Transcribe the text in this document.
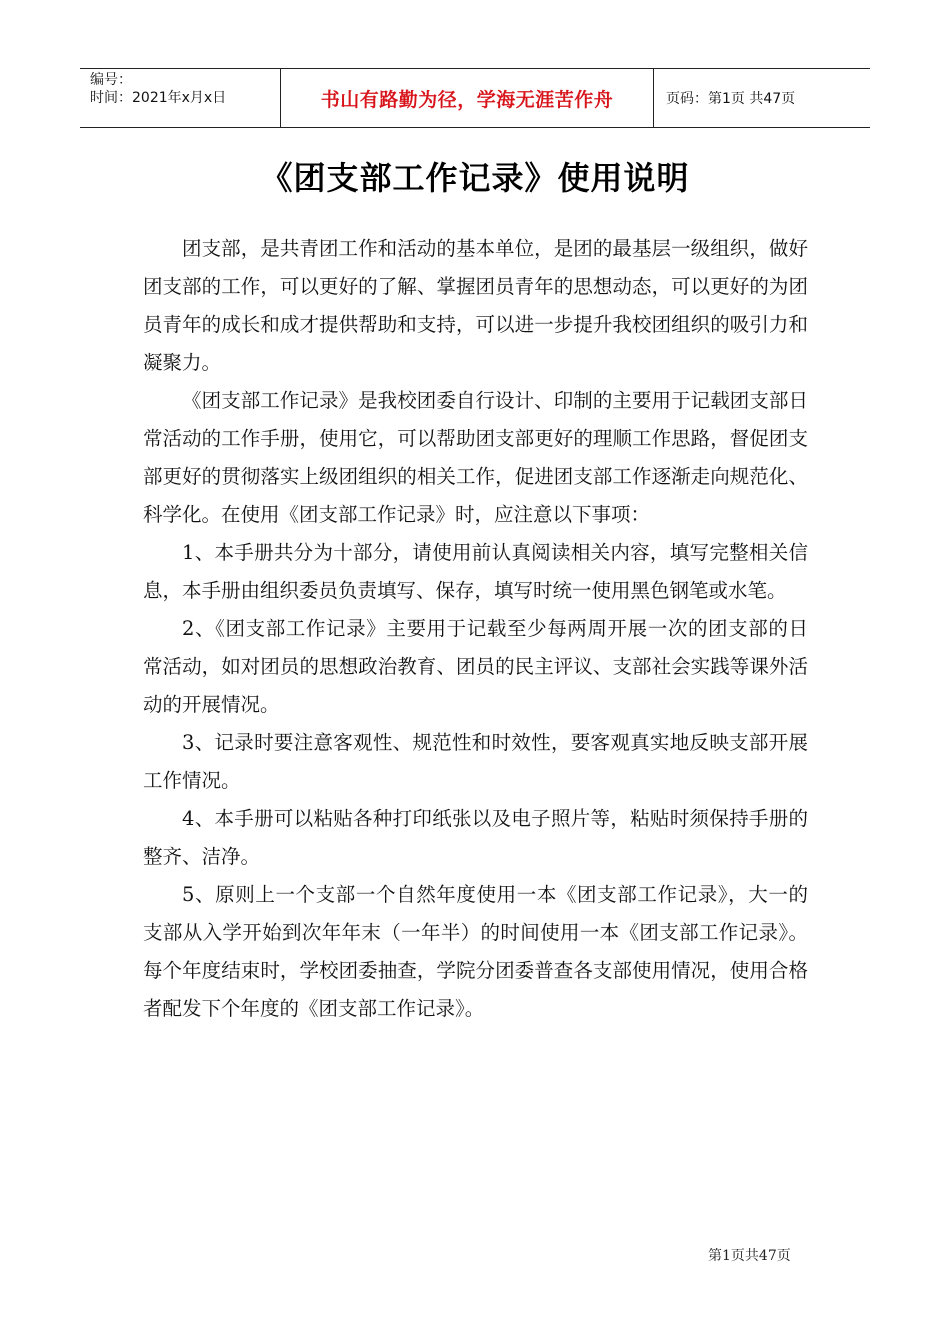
编号：
时间：2021年x月x日	书山有路勤为径，学海无涯苦作舟	页码：第1页 共47页
《团支部工作记录》使用说明

团支部，是共青团工作和活动的基本单位，是团的最基层一级组织，做好团支部的工作，可以更好的了解、掌握团员青年的思想动态，可以更好的为团员青年的成长和成才提供帮助和支持，可以进一步提升我校团组织的吸引力和凝聚力。

《团支部工作记录》是我校团委自行设计、印制的主要用于记载团支部日常活动的工作手册，使用它，可以帮助团支部更好的理顺工作思路，督促团支部更好的贯彻落实上级团组织的相关工作，促进团支部工作逐渐走向规范化、科学化。在使用《团支部工作记录》时，应注意以下事项：

1、本手册共分为十部分，请使用前认真阅读相关内容，填写完整相关信息，本手册由组织委员负责填写、保存，填写时统一使用黑色钢笔或水笔。

2、《团支部工作记录》主要用于记载至少每两周开展一次的团支部的日常活动，如对团员的思想政治教育、团员的民主评议、支部社会实践等课外活动的开展情况。

3、记录时要注意客观性、规范性和时效性，要客观真实地反映支部开展工作情况。

4、本手册可以粘贴各种打印纸张以及电子照片等，粘贴时须保持手册的整齐、洁净。

5、原则上一个支部一个自然年度使用一本《团支部工作记录》，大一的支部从入学开始到次年年末（一年半）的时间使用一本《团支部工作记录》。每个年度结束时，学校团委抽查，学院分团委普查各支部使用情况，使用合格者配发下个年度的《团支部工作记录》。

第1页共47页
